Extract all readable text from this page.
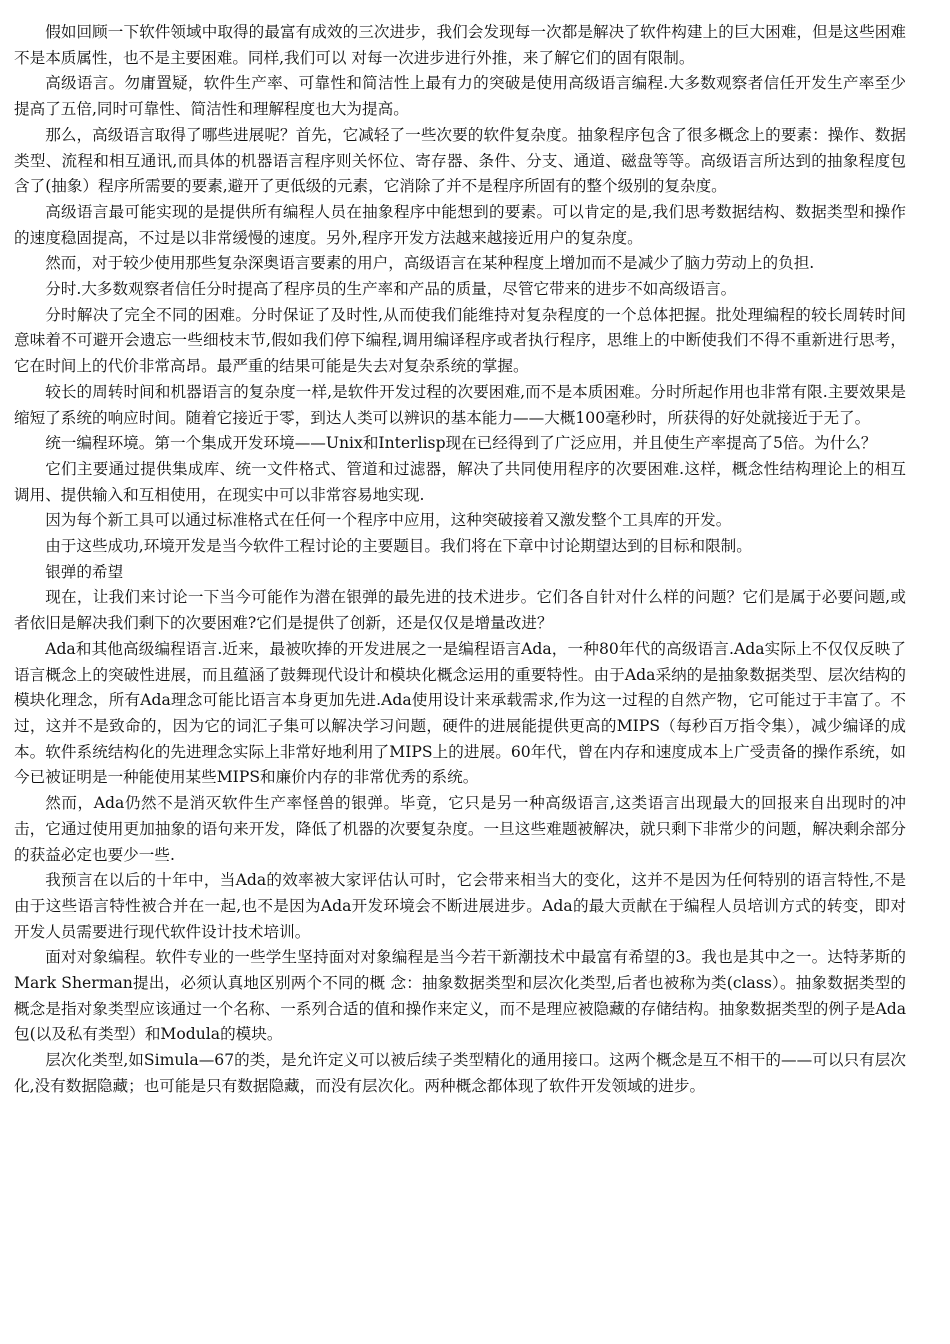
假如回顾一下软件领域中取得的最富有成效的三次进步，我们会发现每一次都是解决了软件构建上的巨大困难，但是这些困难不是本质属性，也不是主要困难。同样,我们可以 对每一次进步进行外推，来了解它们的固有限制。

高级语言。勿庸置疑，软件生产率、可靠性和简洁性上最有力的突破是使用高级语言编程.大多数观察者信任开发生产率至少提高了五倍,同时可靠性、简洁性和理解程度也大为提高。

那么，高级语言取得了哪些进展呢？首先，它减轻了一些次要的软件复杂度。抽象程序包含了很多概念上的要素：操作、数据类型、流程和相互通讯,而具体的机器语言程序则关怀位、寄存器、条件、分支、通道、磁盘等等。高级语言所达到的抽象程度包含了(抽象）程序所需要的要素,避开了更低级的元素，它消除了并不是程序所固有的整个级别的复杂度。

高级语言最可能实现的是提供所有编程人员在抽象程序中能想到的要素。可以肯定的是,我们思考数据结构、数据类型和操作的速度稳固提高，不过是以非常缓慢的速度。另外,程序开发方法越来越接近用户的复杂度。

然而，对于较少使用那些复杂深奥语言要素的用户，高级语言在某种程度上增加而不是减少了脑力劳动上的负担.

分时.大多数观察者信任分时提高了程序员的生产率和产品的质量，尽管它带来的进步不如高级语言。

分时解决了完全不同的困难。分时保证了及时性,从而使我们能维持对复杂程度的一个总体把握。批处理编程的较长周转时间意味着不可避开会遗忘一些细枝末节,假如我们停下编程,调用编译程序或者执行程序，思维上的中断使我们不得不重新进行思考，它在时间上的代价非常高昂。最严重的结果可能是失去对复杂系统的掌握。

较长的周转时间和机器语言的复杂度一样,是软件开发过程的次要困难,而不是本质困难。分时所起作用也非常有限.主要效果是缩短了系统的响应时间。随着它接近于零，到达人类可以辨识的基本能力——大概100毫秒时，所获得的好处就接近于无了。

统一编程环境。第一个集成开发环境——Unix和Interlisp现在已经得到了广泛应用，并且使生产率提高了5倍。为什么？

它们主要通过提供集成库、统一文件格式、管道和过滤器，解决了共同使用程序的次要困难.这样，概念性结构理论上的相互调用、提供输入和互相使用，在现实中可以非常容易地实现.

因为每个新工具可以通过标准格式在任何一个程序中应用，这种突破接着又激发整个工具库的开发。

由于这些成功,环境开发是当今软件工程讨论的主要题目。我们将在下章中讨论期望达到的目标和限制。

银弹的希望

现在，让我们来讨论一下当今可能作为潜在银弹的最先进的技术进步。它们各自针对什么样的问题？它们是属于必要问题,或者依旧是解决我们剩下的次要困难?它们是提供了创新，还是仅仅是增量改进？

Ada和其他高级编程语言.近来，最被吹捧的开发进展之一是编程语言Ada，一种80年代的高级语言.Ada实际上不仅仅反映了语言概念上的突破性进展，而且蕴涵了鼓舞现代设计和模块化概念运用的重要特性。由于Ada采纳的是抽象数据类型、层次结构的模块化理念，所有Ada理念可能比语言本身更加先进.Ada使用设计来承载需求,作为这一过程的自然产物，它可能过于丰富了。不过，这并不是致命的，因为它的词汇子集可以解决学习问题，硬件的进展能提供更高的MIPS（每秒百万指令集），减少编译的成本。软件系统结构化的先进理念实际上非常好地利用了MIPS上的进展。60年代，曾在内存和速度成本上广受责备的操作系统，如今已被证明是一种能使用某些MIPS和廉价内存的非常优秀的系统。

然而，Ada仍然不是消灭软件生产率怪兽的银弹。毕竟，它只是另一种高级语言,这类语言出现最大的回报来自出现时的冲击，它通过使用更加抽象的语句来开发，降低了机器的次要复杂度。一旦这些难题被解决，就只剩下非常少的问题，解决剩余部分的获益必定也要少一些.

我预言在以后的十年中，当Ada的效率被大家评估认可时，它会带来相当大的变化，这并不是因为任何特别的语言特性,不是由于这些语言特性被合并在一起,也不是因为Ada开发环境会不断进展进步。Ada的最大贡献在于编程人员培训方式的转变，即对开发人员需要进行现代软件设计技术培训。

面对对象编程。软件专业的一些学生坚持面对对象编程是当今若干新潮技术中最富有希望的3。我也是其中之一。达特茅斯的Mark Sherman提出，必须认真地区别两个不同的概 念：抽象数据类型和层次化类型,后者也被称为类(class）。抽象数据类型的概念是指对象类型应该通过一个名称、一系列合适的值和操作来定义，而不是理应被隐藏的存储结构。抽象数据类型的例子是Ada包(以及私有类型）和Modula的模块。

层次化类型,如Simula—67的类，是允许定义可以被后续子类型精化的通用接口。这两个概念是互不相干的——可以只有层次化,没有数据隐藏；也可能是只有数据隐藏，而没有层次化。两种概念都体现了软件开发领域的进步。
